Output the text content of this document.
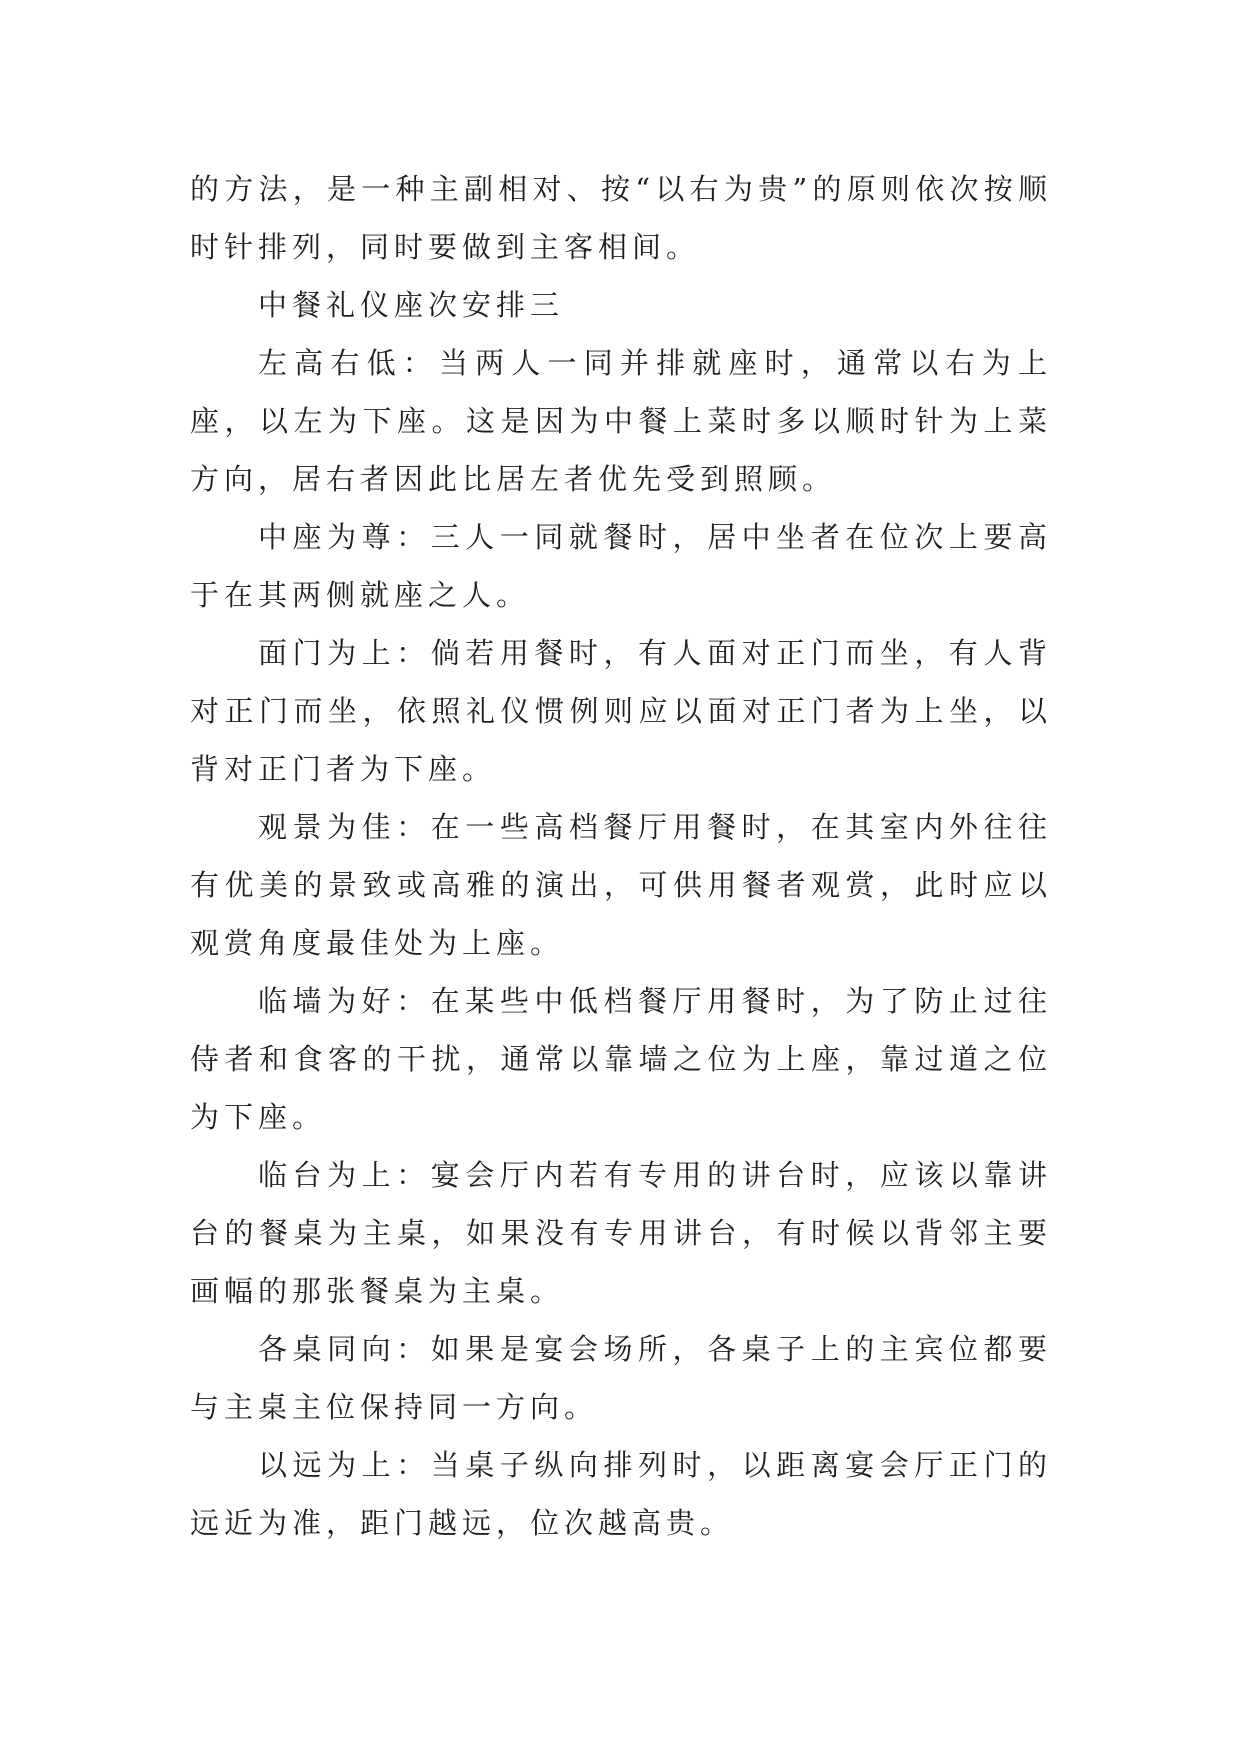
的方法，是一种主副相对、按“以右为贵”的原则依次按顺时针排列，同时要做到主客相间。

中餐礼仪座次安排三

左高右低：当两人一同并排就座时，通常以右为上座，以左为下座。这是因为中餐上菜时多以顺时针为上菜方向，居右者因此比居左者优先受到照顾。

中座为尊：三人一同就餐时，居中坐者在位次上要高于在其两侧就座之人。

面门为上：倘若用餐时，有人面对正门而坐，有人背对正门而坐，依照礼仪惯例则应以面对正门者为上坐，以背对正门者为下座。

观景为佳：在一些高档餐厅用餐时，在其室内外往往有优美的景致或高雅的演出，可供用餐者观赏，此时应以观赏角度最佳处为上座。

临墙为好：在某些中低档餐厅用餐时，为了防止过往侍者和食客的干扰，通常以靠墙之位为上座，靠过道之位为下座。

临台为上：宴会厅内若有专用的讲台时，应该以靠讲台的餐桌为主桌，如果没有专用讲台，有时候以背邻主要画幅的那张餐桌为主桌。

各桌同向：如果是宴会场所，各桌子上的主宾位都要与主桌主位保持同一方向。

以远为上：当桌子纵向排列时，以距离宴会厅正门的远近为准，距门越远，位次越高贵。
